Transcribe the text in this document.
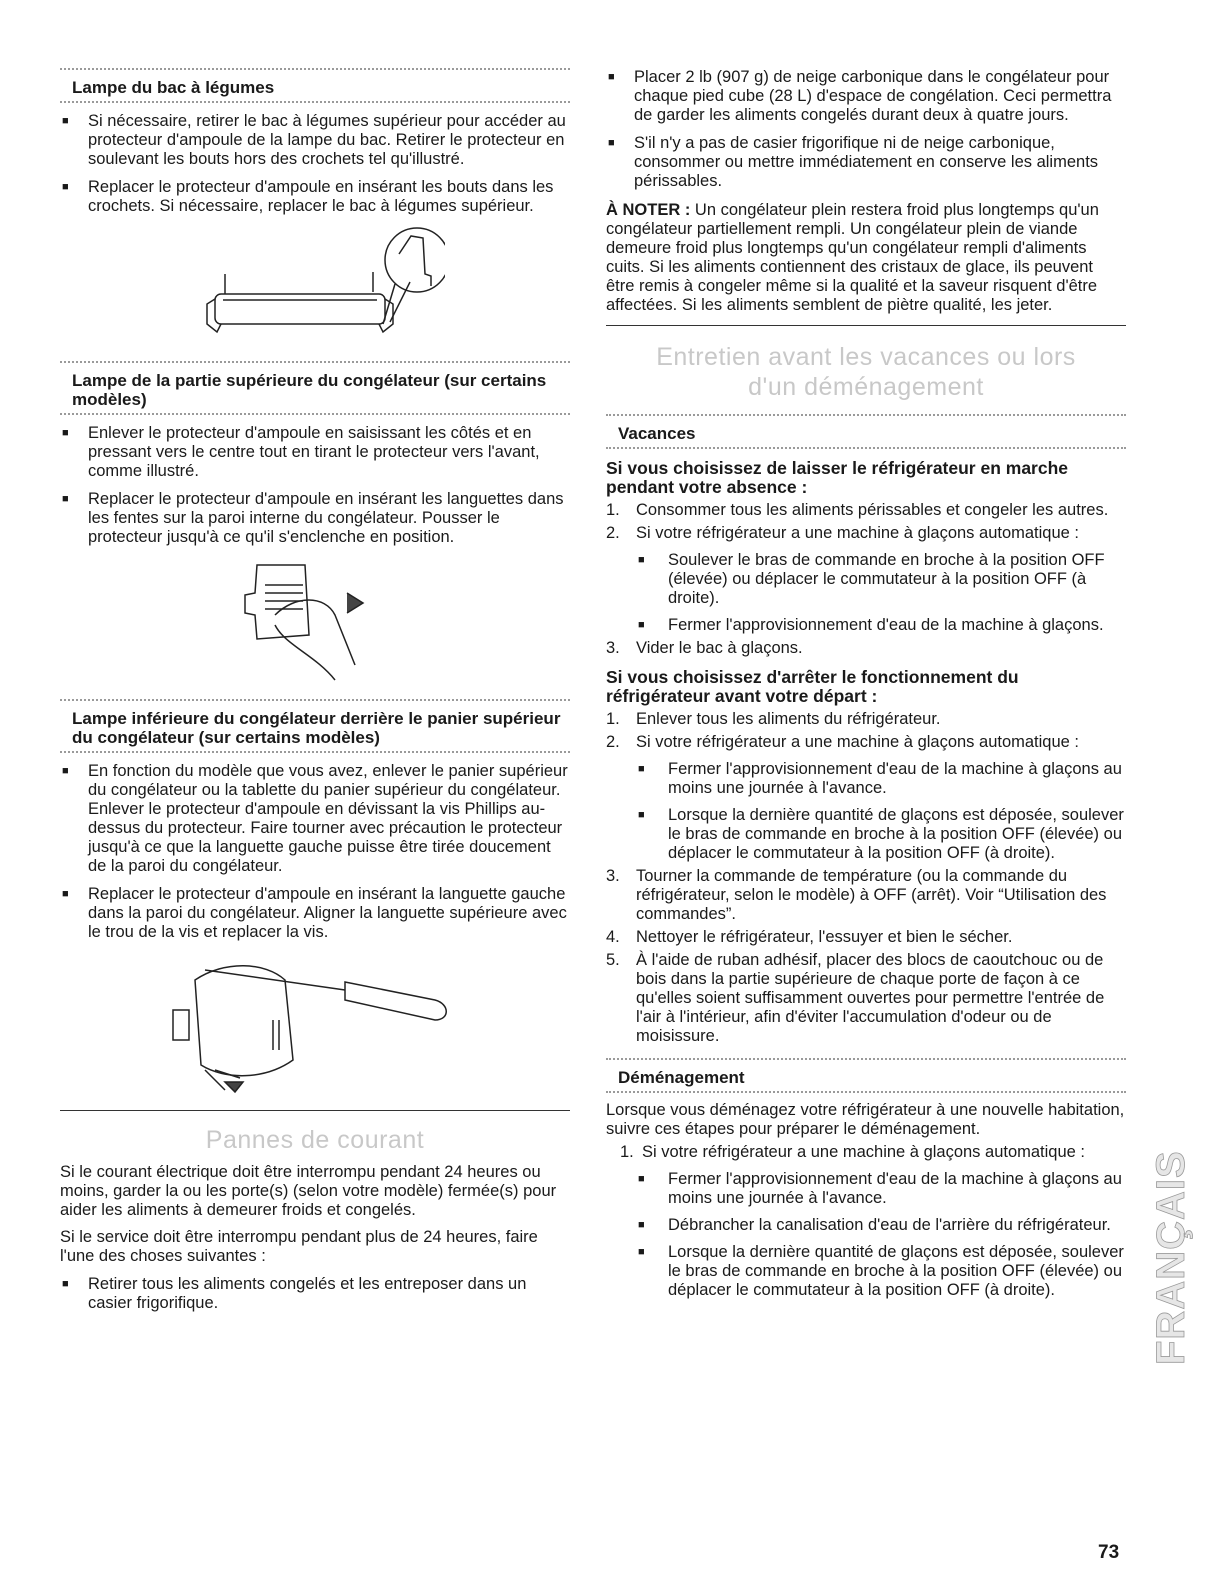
Lampe du bac à légumes
■	Si nécessaire, retirer le bac à légumes supérieur pour accéder au protecteur d'ampoule de la lampe du bac. Retirer le protecteur en soulevant les bouts hors des crochets tel qu'illustré.
■	Replacer le protecteur d'ampoule en insérant les bouts dans les crochets. Si nécessaire, replacer le bac à légumes supérieur.
Lampe de la partie supérieure du congélateur (sur certains modèles)
■	Enlever le protecteur d'ampoule en saisissant les côtés et en pressant vers le centre tout en tirant le protecteur vers l'avant, comme illustré.
■	Replacer le protecteur d'ampoule en insérant les languettes dans les fentes sur la paroi interne du congélateur. Pousser le protecteur jusqu'à ce qu'il s'enclenche en position.
Lampe inférieure du congélateur derrière le panier supérieur du congélateur (sur certains modèles)
■	En fonction du modèle que vous avez, enlever le panier supérieur du congélateur ou la tablette du panier supérieur du congélateur. Enlever le protecteur d'ampoule en dévissant la vis Phillips au-dessus du protecteur. Faire tourner avec précaution le protecteur jusqu'à ce que la languette gauche puisse être tirée doucement de la paroi du congélateur.
■	Replacer le protecteur d'ampoule en insérant la languette gauche dans la paroi du congélateur. Aligner la languette supérieure avec le trou de la vis et replacer la vis.
Pannes de courant
Si le courant électrique doit être interrompu pendant 24 heures ou moins, garder la ou les porte(s) (selon votre modèle) fermée(s) pour aider les aliments à demeurer froids et congelés.
Si le service doit être interrompu pendant plus de 24 heures, faire l'une des choses suivantes :
■	Retirer tous les aliments congelés et les entreposer dans un casier frigorifique.
■	Placer 2 lb (907 g) de neige carbonique dans le congélateur pour chaque pied cube (28 L) d'espace de congélation. Ceci permettra de garder les aliments congelés durant deux à quatre jours.
■	S'il n'y a pas de casier frigorifique ni de neige carbonique, consommer ou mettre immédiatement en conserve les aliments périssables.
À NOTER : Un congélateur plein restera froid plus longtemps qu'un congélateur partiellement rempli. Un congélateur plein de viande demeure froid plus longtemps qu'un congélateur rempli d'aliments cuits. Si les aliments contiennent des cristaux de glace, ils peuvent être remis à congeler même si la qualité et la saveur risquent d'être affectées. Si les aliments semblent de piètre qualité, les jeter.
Entretien avant les vacances ou lors
d'un déménagement
Vacances
Si vous choisissez de laisser le réfrigérateur en marche pendant votre absence :
1. Consommer tous les aliments périssables et congeler les autres.
2. Si votre réfrigérateur a une machine à glaçons automatique :
■	Soulever le bras de commande en broche à la position OFF (élevée) ou déplacer le commutateur à la position OFF (à droite).
■	Fermer l'approvisionnement d'eau de la machine à glaçons.
3. Vider le bac à glaçons.
Si vous choisissez d'arrêter le fonctionnement du réfrigérateur avant votre départ :
1. Enlever tous les aliments du réfrigérateur.
2. Si votre réfrigérateur a une machine à glaçons automatique :
■	Fermer l'approvisionnement d'eau de la machine à glaçons au moins une journée à l'avance.
■	Lorsque la dernière quantité de glaçons est déposée, soulever le bras de commande en broche à la position OFF (élevée) ou déplacer le commutateur à la position OFF (à droite).
3. Tourner la commande de température (ou la commande du réfrigérateur, selon le modèle) à OFF (arrêt). Voir “Utilisation des commandes”.
4. Nettoyer le réfrigérateur, l'essuyer et bien le sécher.
5. À l'aide de ruban adhésif, placer des blocs de caoutchouc ou de bois dans la partie supérieure de chaque porte de façon à ce qu'elles soient suffisamment ouvertes pour permettre l'entrée de l'air à l'intérieur, afin d'éviter l'accumulation d'odeur ou de moisissure.
Déménagement
Lorsque vous déménagez votre réfrigérateur à une nouvelle habitation, suivre ces étapes pour préparer le déménagement.
1. Si votre réfrigérateur a une machine à glaçons automatique :
■	Fermer l'approvisionnement d'eau de la machine à glaçons au moins une journée à l'avance.
■	Débrancher la canalisation d'eau de l'arrière du réfrigérateur.
■	Lorsque la dernière quantité de glaçons est déposée, soulever le bras de commande en broche à la position OFF (élevée) ou déplacer le commutateur à la position OFF (à droite).	FRANÇAIS
73
